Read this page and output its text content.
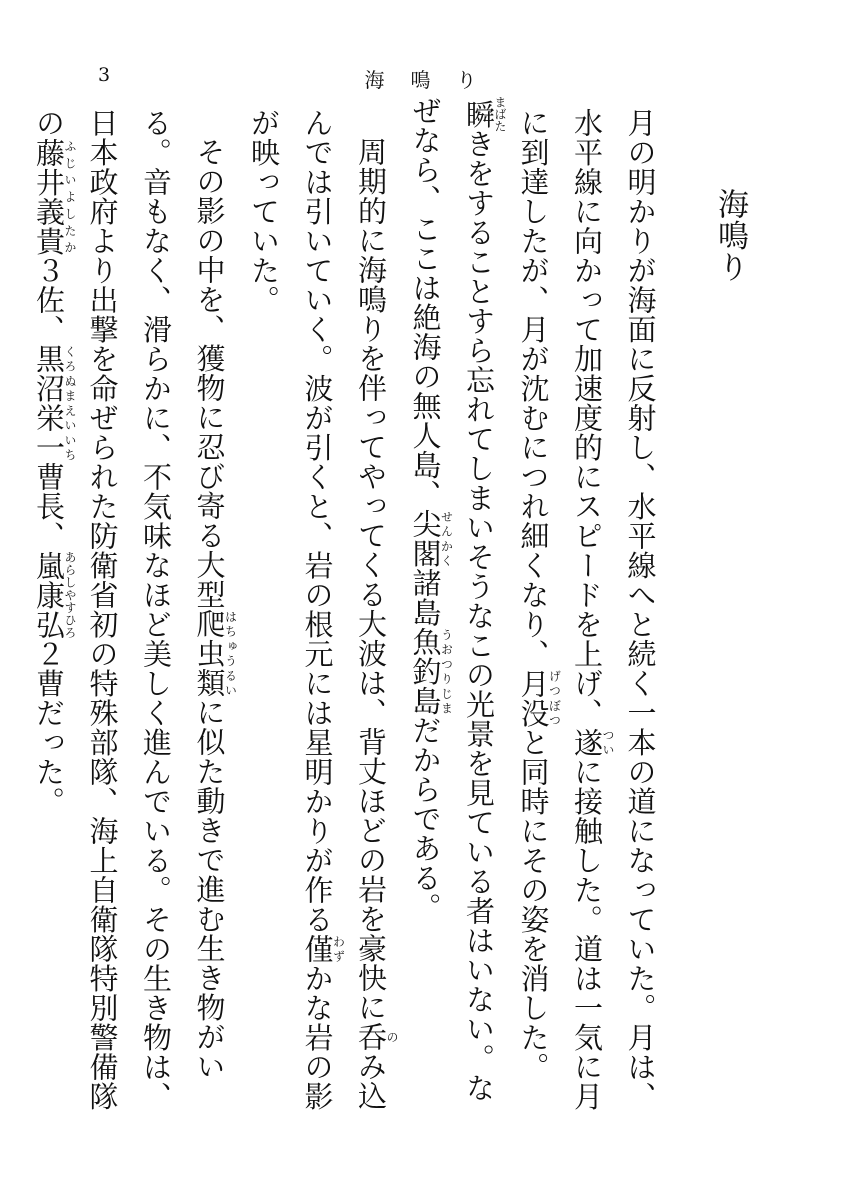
3	海鳴り
海鳴り

月の明かりが海面に反射し、水平線へと続く一本の道になっていた。月は、水平線に向かって加速度的にスピードを上げ、遂ついに接触した。道は一気に月に到達したが、月が沈むにつれ細くなり、月没げつぼつと同時にその姿を消した。

瞬まばたきをすることすら忘れてしまいそうなこの光景を見ている者はいない。なぜなら、ここは絶海の無人島、尖閣せんかく諸島魚釣島うおつりじまだからである。

周期的に海鳴りを伴ってやってくる大波は、背丈ほどの岩を豪快に呑のみ込んでは引いていく。波が引くと、岩の根元には星明かりが作る僅わずかな岩の影が映っていた。

その影の中を、獲物に忍び寄る大型爬虫類はちゅうるいに似た動きで進む生き物がいる。音もなく、滑らかに、不気味なほど美しく進んでいる。その生き物は、日本政府より出撃を命ぜられた防衛省初の特殊部隊、海上自衛隊特別警備隊の藤井義貴ふじいよしたか３佐、黒沼栄一くろぬまえいいち曹長、嵐康弘あらしやすひろ２曹だった。
